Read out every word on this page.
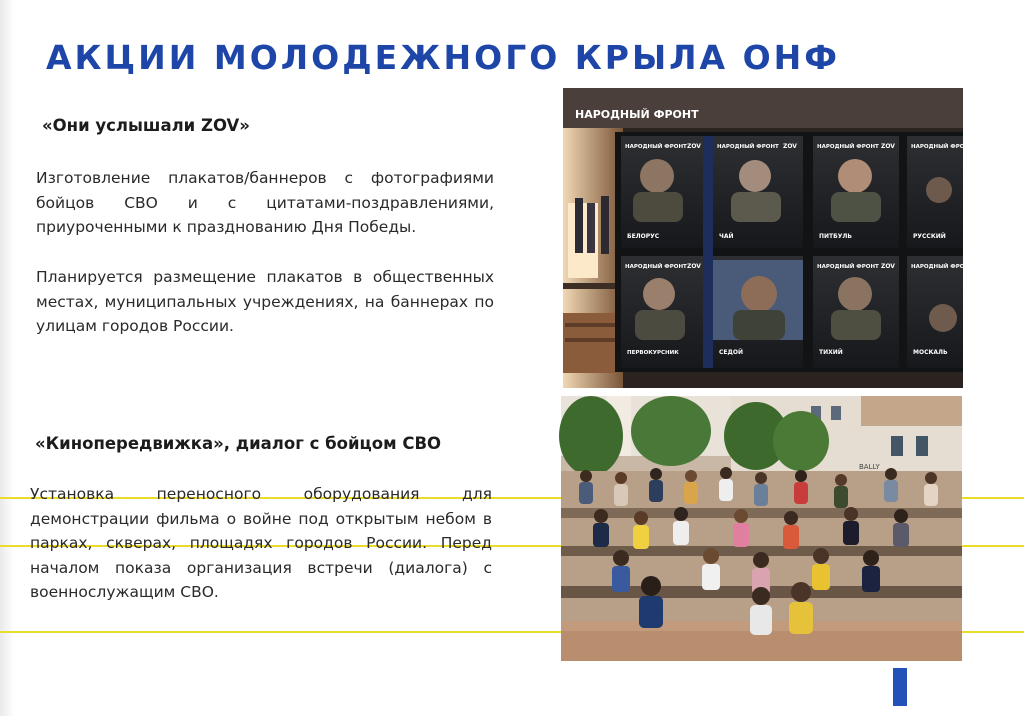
АКЦИИ МОЛОДЕЖНОГО КРЫЛА ОНФ
«Они услышали ZOV»

Изготовление плакатов/баннеров с фотографиями бойцов СВО и с цитатами-поздравлениями, приуроченными к празднованию Дня Победы.

Планируется размещение плакатов в общественных местах, муниципальных учреждениях, на баннерах по улицам городов России.

«Кинопередвижка», диалог с бойцом СВО

Установка переносного оборудования для демонстрации фильма о войне под открытым небом в парках, скверах, площадях городов России. Перед началом показа организация встречи (диалога) с военнослужащим СВО.

НАРОДНЫЙ ФРОНТ
НАРОДНЫЙ ФРОНТ ZOV	НАРОДНЫЙ ФРОНТ ZOV	НАРОДНЫЙ ФРОНТ ZOV	НАРОДНЫЙ ФРОНТ
НАРОДНЫЙ ФРОНТ ZOV	НАРОДНЫЙ ФРОНТ ZOV	НАРОДНЫЙ ФРОНТ
БЕЛОРУС	ЧАЙ	ПИТБУЛЬ	РУССКИЙ
ПЕРВОКУРСНИК	СЕДОЙ	ТИХИЙ	МОСКАЛЬ
BALLY
